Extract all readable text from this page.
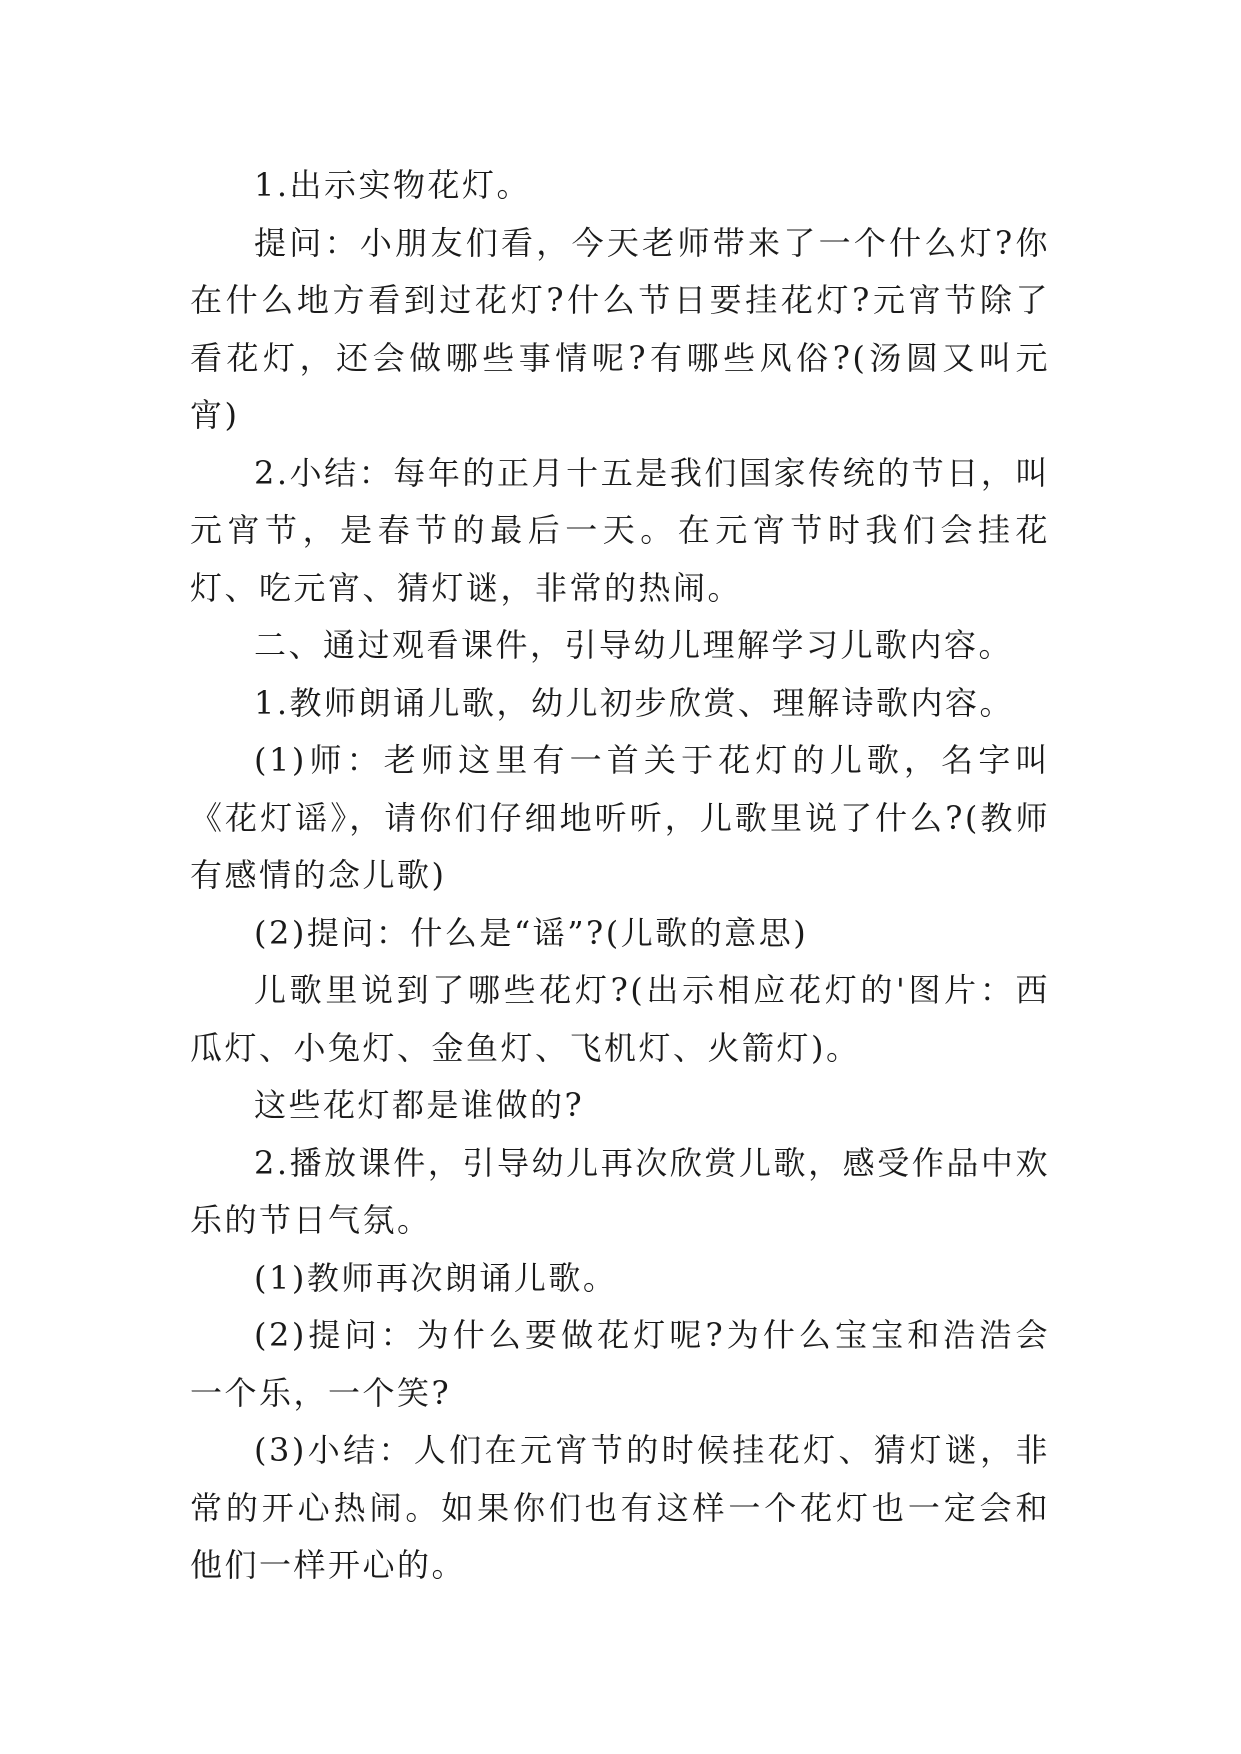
1.出示实物花灯。

提问：小朋友们看，今天老师带来了一个什么灯?你在什么地方看到过花灯?什么节日要挂花灯?元宵节除了看花灯，还会做哪些事情呢?有哪些风俗?(汤圆又叫元宵)

2.小结：每年的正月十五是我们国家传统的节日，叫元宵节，是春节的最后一天。在元宵节时我们会挂花灯、吃元宵、猜灯谜，非常的热闹。

二、通过观看课件，引导幼儿理解学习儿歌内容。

1.教师朗诵儿歌，幼儿初步欣赏、理解诗歌内容。

(1)师：老师这里有一首关于花灯的儿歌，名字叫《花灯谣》，请你们仔细地听听，儿歌里说了什么?(教师有感情的念儿歌)

(2)提问：什么是“谣”?(儿歌的意思)

儿歌里说到了哪些花灯?(出示相应花灯的'图片：西瓜灯、小兔灯、金鱼灯、飞机灯、火箭灯)。

这些花灯都是谁做的?

2.播放课件，引导幼儿再次欣赏儿歌，感受作品中欢乐的节日气氛。

(1)教师再次朗诵儿歌。

(2)提问：为什么要做花灯呢?为什么宝宝和浩浩会一个乐，一个笑?

(3)小结：人们在元宵节的时候挂花灯、猜灯谜，非常的开心热闹。如果你们也有这样一个花灯也一定会和他们一样开心的。
